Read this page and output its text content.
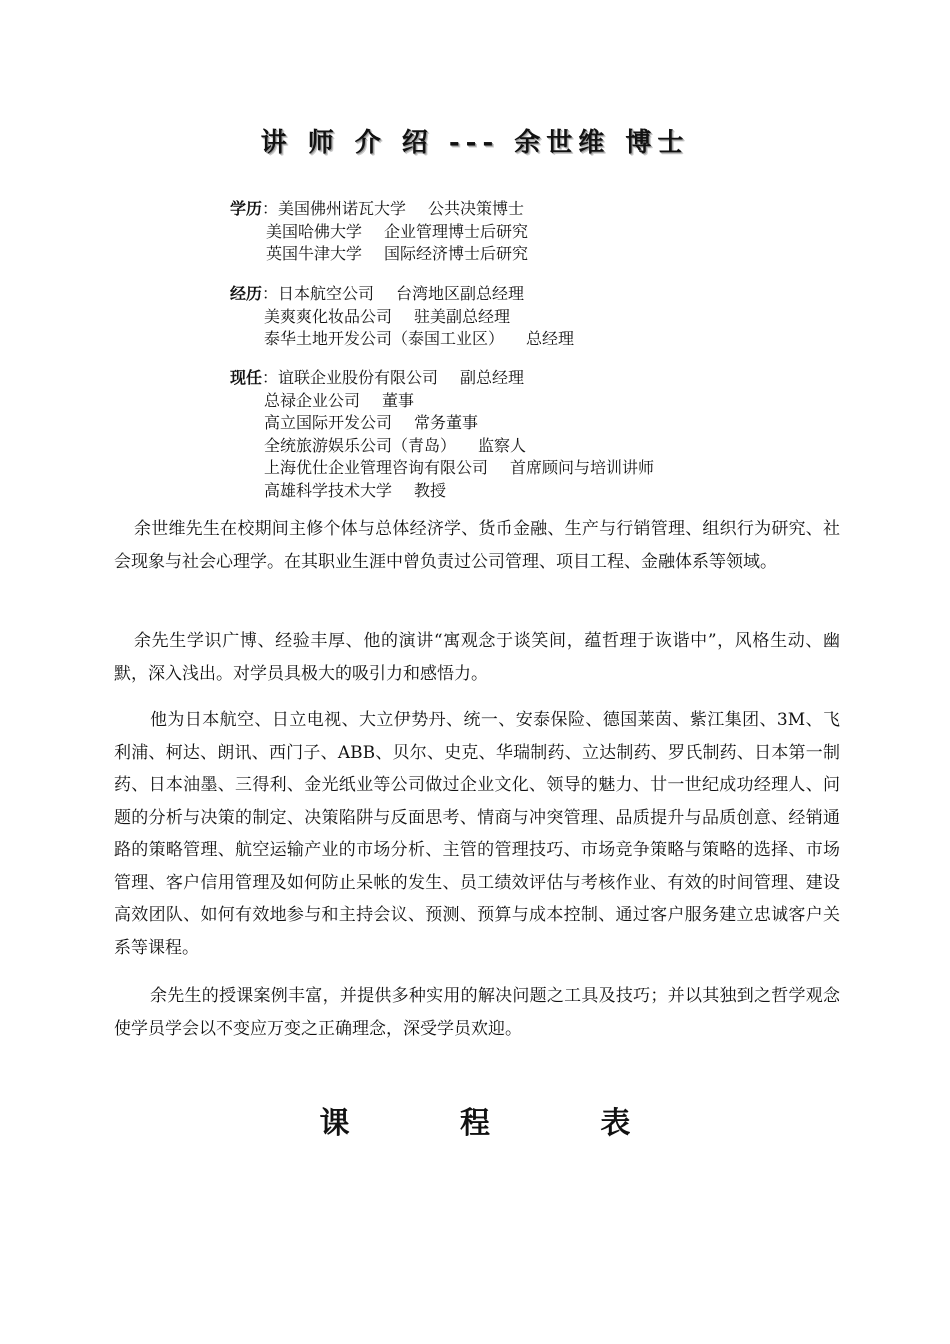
讲 师 介 绍 --- 余世维 博士
学历：美国佛州诺瓦大学 公共决策博士
美国哈佛大学 企业管理博士后研究
英国牛津大学 国际经济博士后研究
经历：日本航空公司 台湾地区副总经理
美爽爽化妆品公司 驻美副总经理
泰华土地开发公司（泰国工业区） 总经理
现任：谊联企业股份有限公司 副总经理
总禄企业公司 董事
高立国际开发公司 常务董事
全统旅游娱乐公司（青岛） 监察人
上海优仕企业管理咨询有限公司 首席顾问与培训讲师
高雄科学技术大学 教授

余世维先生在校期间主修个体与总体经济学、货币金融、生产与行销管理、组织行为研究、社会现象与社会心理学。在其职业生涯中曾负责过公司管理、项目工程、金融体系等领域。

余先生学识广博、经验丰厚、他的演讲“寓观念于谈笑间，蕴哲理于诙谐中”，风格生动、幽默，深入浅出。对学员具极大的吸引力和感悟力。

他为日本航空、日立电视、大立伊势丹、统一、安泰保险、德国莱茵、紫江集团、3M、飞利浦、柯达、朗讯、西门子、ABB、贝尔、史克、华瑞制药、立达制药、罗氏制药、日本第一制药、日本油墨、三得利、金光纸业等公司做过企业文化、领导的魅力、廿一世纪成功经理人、问题的分析与决策的制定、决策陷阱与反面思考、情商与冲突管理、品质提升与品质创意、经销通路的策略管理、航空运输产业的市场分析、主管的管理技巧、市场竞争策略与策略的选择、市场管理、客户信用管理及如何防止呆帐的发生、员工绩效评估与考核作业、有效的时间管理、建设高效团队、如何有效地参与和主持会议、预测、预算与成本控制、通过客户服务建立忠诚客户关系等课程。

余先生的授课案例丰富，并提供多种实用的解决问题之工具及技巧；并以其独到之哲学观念使学员学会以不变应万变之正确理念，深受学员欢迎。

课 程 表
